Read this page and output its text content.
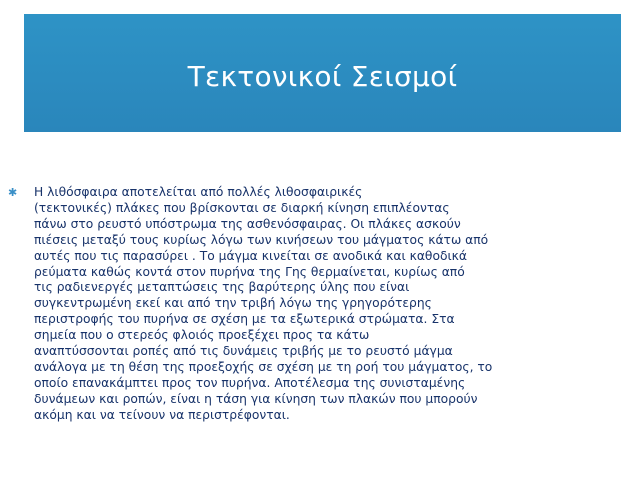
Τεκτονικοί Σεισμοί
✱	Η λιθόσφαιρα αποτελείται από πολλές λιθοσφαιρικές
(τεκτονικές) πλάκες που βρίσκονται σε διαρκή κίνηση επιπλέοντας
πάνω στο ρευστό υπόστρωμα της ασθενόσφαιρας. Οι πλάκες ασκούν
πιέσεις μεταξύ τους κυρίως λόγω των κινήσεων του μάγματος κάτω από
αυτές που τις παρασύρει . Το μάγμα κινείται σε ανοδικά και καθοδικά
ρεύματα καθώς κοντά στον πυρήνα της Γης θερμαίνεται, κυρίως από
τις ραδιενεργές μεταπτώσεις της βαρύτερης ύλης που είναι
συγκεντρωμένη εκεί και από την τριβή λόγω της γρηγορότερης
περιστροφής του πυρήνα σε σχέση με τα εξωτερικά στρώματα. Στα
σημεία που ο στερεός φλοιός προεξέχει προς τα κάτω
αναπτύσσονται ροπές από τις δυνάμεις τριβής με το ρευστό μάγμα
ανάλογα με τη θέση της προεξοχής σε σχέση με τη ροή του μάγματος, το
οποίο επανακάμπτει προς τον πυρήνα. Αποτέλεσμα της συνισταμένης
δυνάμεων και ροπών, είναι η τάση για κίνηση των πλακών που μπορούν
ακόμη και να τείνουν να περιστρέφονται.
